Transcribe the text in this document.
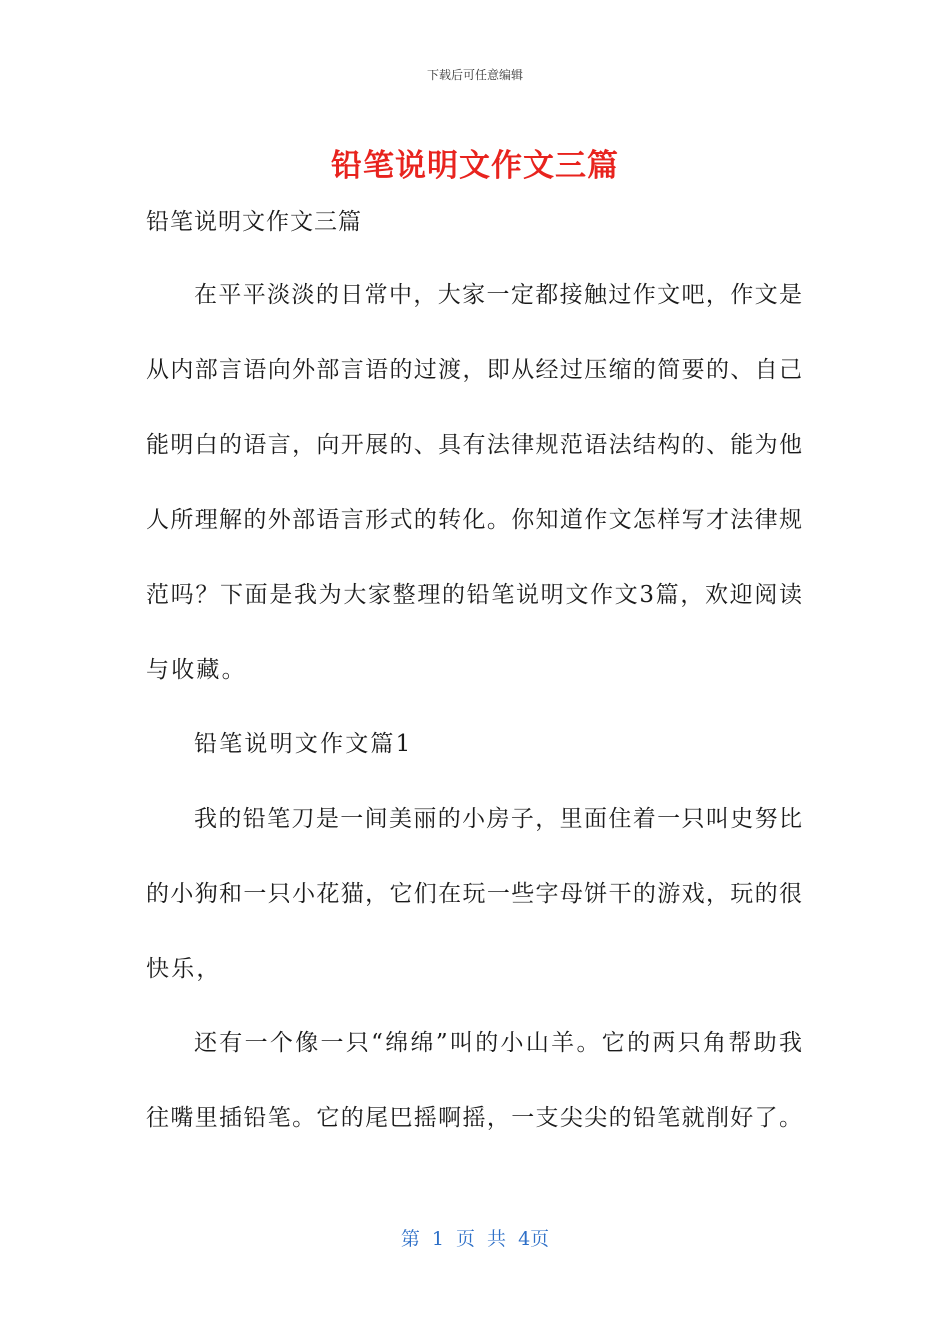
下载后可任意编辑
铅笔说明文作文三篇
铅笔说明文作文三篇
在平平淡淡的日常中，大家一定都接触过作文吧，作文是
从内部言语向外部言语的过渡，即从经过压缩的简要的、自己
能明白的语言，向开展的、具有法律规范语法结构的、能为他
人所理解的外部语言形式的转化。你知道作文怎样写才法律规
范吗？下面是我为大家整理的铅笔说明文作文3篇，欢迎阅读
与收藏。
铅笔说明文作文篇1
我的铅笔刀是一间美丽的小房子，里面住着一只叫史努比
的小狗和一只小花猫，它们在玩一些字母饼干的游戏，玩的很
快乐，
还有一个像一只“绵绵”叫的小山羊。它的两只角帮助我
往嘴里插铅笔。它的尾巴摇啊摇，一支尖尖的铅笔就削好了。
第 1 页 共 4页
